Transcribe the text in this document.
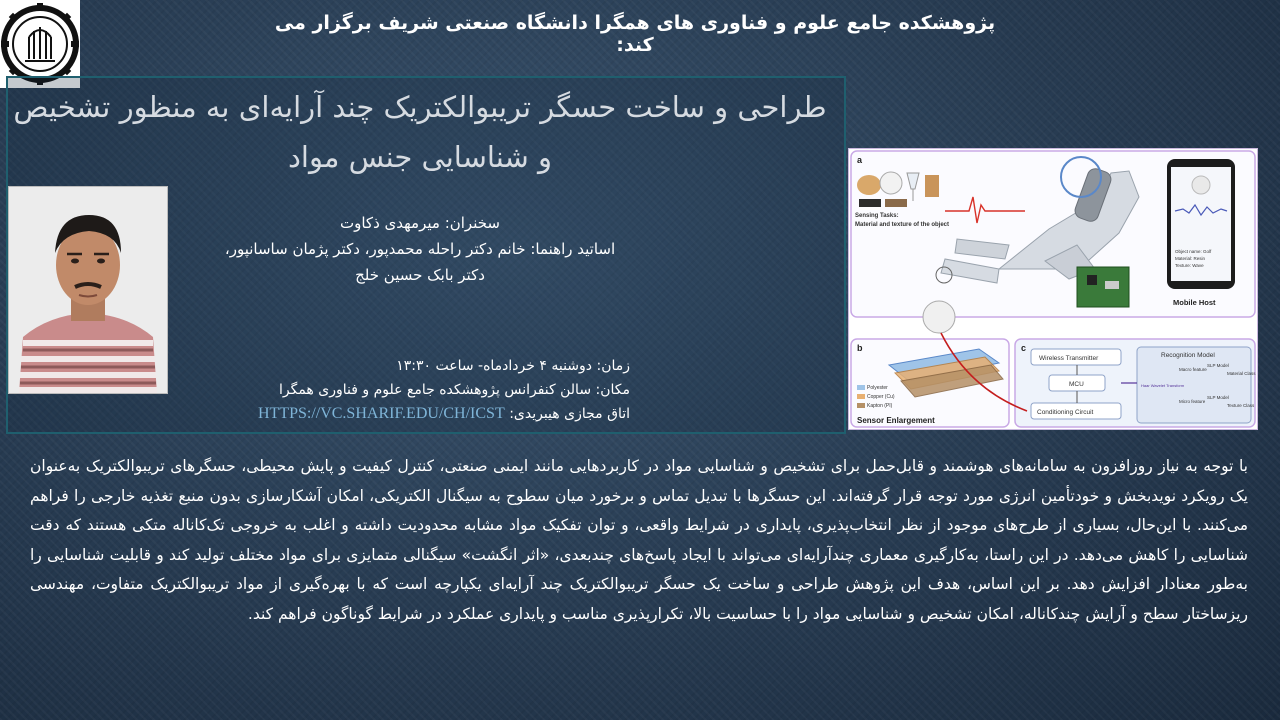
پژوهشکده جامع علوم و فناوری های همگرا دانشگاه صنعتی شریف برگزار می کند:
طراحی و ساخت حسگر تریبوالکتریک چند آرایه‌ای به منظور تشخیص و شناسایی جنس مواد
سخنران: میرمهدی ذکاوت
اساتید راهنما: خانم دکتر راحله محمدپور، دکتر پژمان ساسانپور،
دکتر بابک حسین خلج
زمان: دوشنبه ۴ خردادماه- ساعت ۱۳:۳۰
مکان: سالن کنفرانس پژوهشکده جامع علوم و فناوری همگرا
اتاق مجازی هیبریدی: HTTPS://VC.SHARIF.EDU/CH/ICST
a
b	c
Sensing Tasks:
Material and texture of the object
Object name: Golf
Material: Resin
Texture: Wave
Mobile Host
Polyester
Copper (Cu)
Kapton (PI)
Sensor Enlargement
Wireless Transmitter
MCU
Conditioning Circuit
Recognition Model
Haar Wavelet Transform
Macro feature
Micro feature
SLP Model
SLP Model
Material Class
Texture Class
با توجه به نیاز روزافزون به سامانه‌های هوشمند و قابل‌حمل برای تشخیص و شناسایی مواد در کاربردهایی مانند ایمنی صنعتی، کنترل کیفیت و پایش محیطی، حسگرهای تریبوالکتریک به‌عنوان یک رویکرد نویدبخش و خودتأمین انرژی مورد توجه قرار گرفته‌اند. این حسگرها با تبدیل تماس و برخورد میان سطوح به سیگنال الکتریکی، امکان آشکارسازی بدون منبع تغذیه خارجی را فراهم می‌کنند. با این‌حال، بسیاری از طرح‌های موجود از نظر انتخاب‌پذیری، پایداری در شرایط واقعی، و توان تفکیک مواد مشابه محدودیت داشته و اغلب به خروجی تک‌کاناله متکی هستند که دقت شناسایی را کاهش می‌دهد. در این راستا، به‌کارگیری معماری چندآرایه‌ای می‌تواند با ایجاد پاسخ‌های چندبعدی، «اثر انگشت» سیگنالی متمایزی برای مواد مختلف تولید کند و قابلیت شناسایی را به‌طور معنادار افزایش دهد. بر این اساس، هدف این پژوهش طراحی و ساخت یک حسگر تریبوالکتریک چند آرایه‌ای یکپارچه است که با بهره‌گیری از مواد تریبوالکتریک متفاوت، مهندسی ریزساختار سطح و آرایش چندکاناله، امکان تشخیص و شناسایی مواد را با حساسیت بالا، تکرارپذیری مناسب و پایداری عملکرد در شرایط گوناگون فراهم کند.
